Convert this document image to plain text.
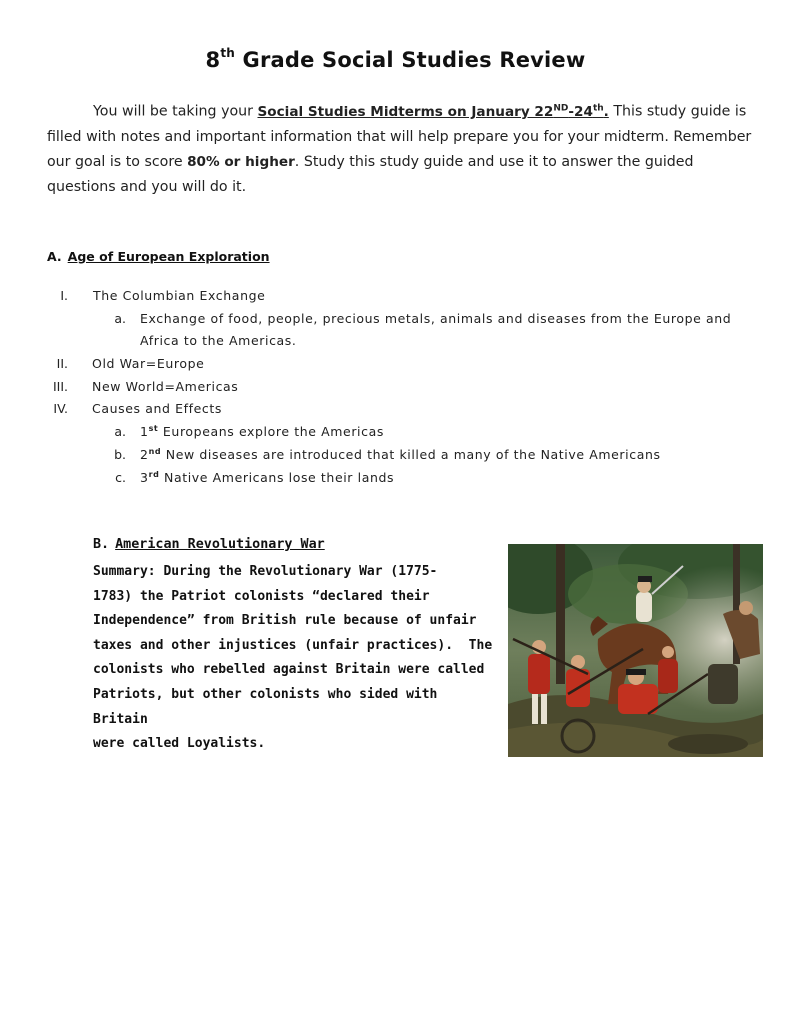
8th Grade Social Studies Review
You will be taking your Social Studies Midterms on January 22ND-24th. This study guide is filled with notes and important information that will help prepare you for your midterm. Remember our goal is to score 80% or higher. Study this study guide and use it to answer the guided questions and you will do it.
A. Age of European Exploration
I. The Columbian Exchange
a. Exchange of food, people, precious metals, animals and diseases from the Europe and
Africa to the Americas.
II. Old War=Europe
III. New World=Americas
IV. Causes and Effects
a. 1st Europeans explore the Americas
b. 2nd New diseases are introduced that killed a many of the Native Americans
c. 3rd Native Americans lose their lands
B. American Revolutionary War
Summary: During the Revolutionary War (1775-
1783) the Patriot colonists “declared their
Independence” from British rule because of unfair
taxes and other injustices (unfair practices).  The
colonists who rebelled against Britain were called
Patriots, but other colonists who sided with Britain
were called Loyalists.
